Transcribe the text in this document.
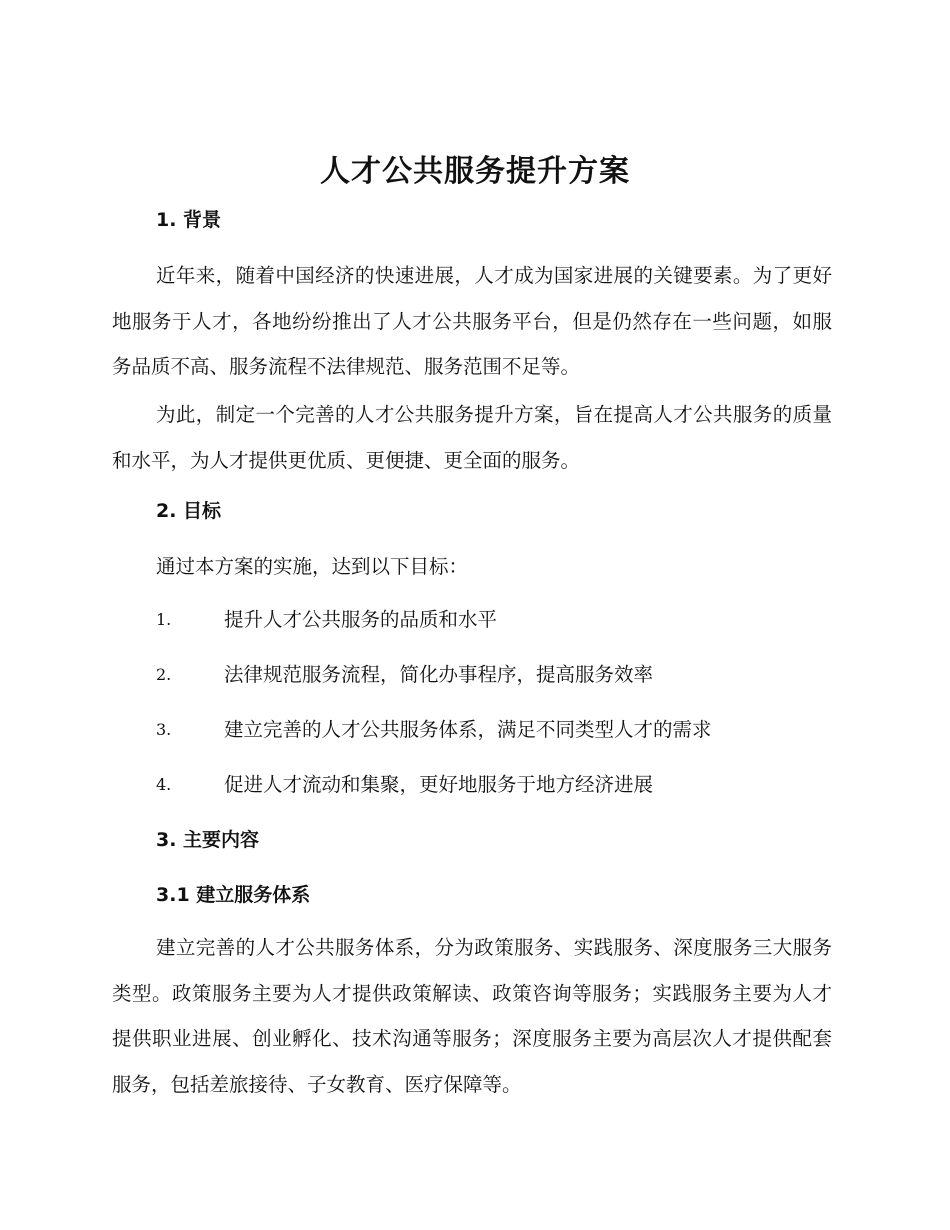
人才公共服务提升方案
1. 背景

近年来，随着中国经济的快速进展，人才成为国家进展的关键要素。为了更好地服务于人才，各地纷纷推出了人才公共服务平台，但是仍然存在一些问题，如服务品质不高、服务流程不法律规范、服务范围不足等。

为此，制定一个完善的人才公共服务提升方案，旨在提高人才公共服务的质量和水平，为人才提供更优质、更便捷、更全面的服务。

2. 目标

通过本方案的实施，达到以下目标：

1.	提升人才公共服务的品质和水平
2.	法律规范服务流程，简化办事程序，提高服务效率
3.	建立完善的人才公共服务体系，满足不同类型人才的需求
4.	促进人才流动和集聚，更好地服务于地方经济进展
3. 主要内容
3.1 建立服务体系

建立完善的人才公共服务体系，分为政策服务、实践服务、深度服务三大服务类型。政策服务主要为人才提供政策解读、政策咨询等服务；实践服务主要为人才提供职业进展、创业孵化、技术沟通等服务；深度服务主要为高层次人才提供配套服务，包括差旅接待、子女教育、医疗保障等。
